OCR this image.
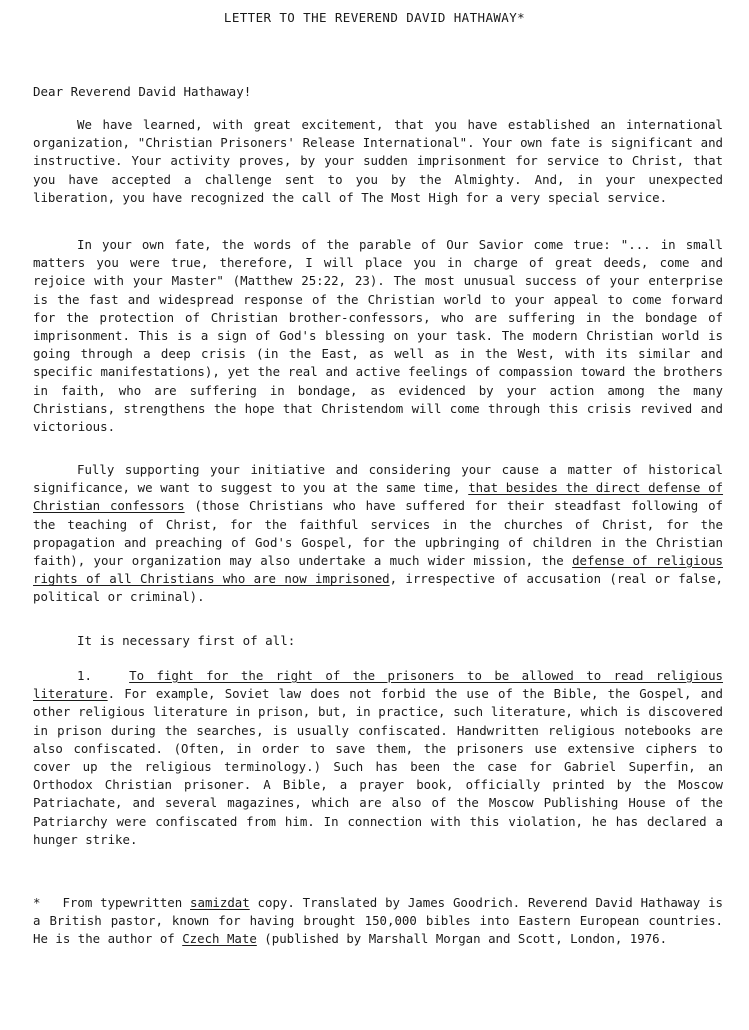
LETTER TO THE REVEREND DAVID HATHAWAY*
Dear Reverend David Hathaway!
We have learned, with great excitement, that you have established an international organization, "Christian Prisoners' Release International". Your own fate is significant and instructive. Your activity proves, by your sudden imprisonment for service to Christ, that you have accepted a challenge sent to you by the Almighty. And, in your unexpected liberation, you have recognized the call of The Most High for a very special service.
In your own fate, the words of the parable of Our Savior come true: "... in small matters you were true, therefore, I will place you in charge of great deeds, come and rejoice with your Master" (Matthew 25:22, 23). The most unusual success of your enterprise is the fast and widespread response of the Christian world to your appeal to come forward for the protection of Christian brother-confessors, who are suffering in the bondage of imprisonment. This is a sign of God's blessing on your task. The modern Christian world is going through a deep crisis (in the East, as well as in the West, with its similar and specific manifestations), yet the real and active feelings of compassion toward the brothers in faith, who are suffering in bondage, as evidenced by your action among the many Christians, strengthens the hope that Christendom will come through this crisis revived and victorious.
Fully supporting your initiative and considering your cause a matter of historical significance, we want to suggest to you at the same time, that besides the direct defense of Christian confessors (those Christians who have suffered for their steadfast following of the teaching of Christ, for the faithful services in the churches of Christ, for the propagation and preaching of God's Gospel, for the upbringing of children in the Christian faith), your organization may also undertake a much wider mission, the defense of religious rights of all Christians who are now imprisoned, irrespective of accusation (real or false, political or criminal).
It is necessary first of all:
1.	To fight for the right of the prisoners to be allowed to read religious literature. For example, Soviet law does not forbid the use of the Bible, the Gospel, and other religious literature in prison, but, in practice, such literature, which is discovered in prison during the searches, is usually confiscated. Handwritten religious notebooks are also confiscated. (Often, in order to save them, the prisoners use extensive ciphers to cover up the religious terminology.) Such has been the case for Gabriel Superfin, an Orthodox Christian prisoner. A Bible, a prayer book, officially printed by the Moscow Patriachate, and several magazines, which are also of the Moscow Publishing House of the Patriarchy were confiscated from him. In connection with this violation, he has declared a hunger strike.
* From typewritten samizdat copy. Translated by James Goodrich. Reverend David Hathaway is a British pastor, known for having brought 150,000 bibles into Eastern European countries. He is the author of Czech Mate (published by Marshall Morgan and Scott, London, 1976.
